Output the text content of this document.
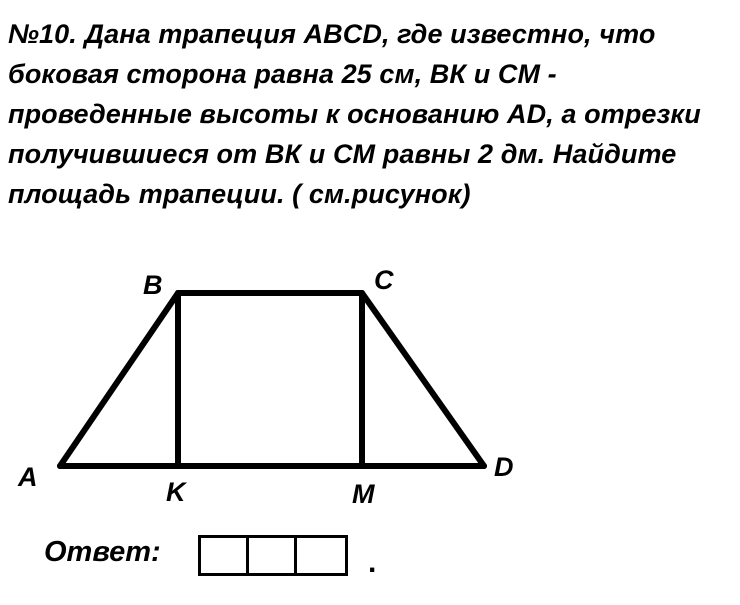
№10. Дана трапеция ABCD, где известно, что
боковая сторона равна 25 см, ВК и СМ -
проведенные высоты к основанию AD, а отрезки
получившиеся от ВК и СМ равны 2 дм. Найдите
площадь трапеции. ( см.рисунок)
A
B	C
D
K	M
Ответ:	.
